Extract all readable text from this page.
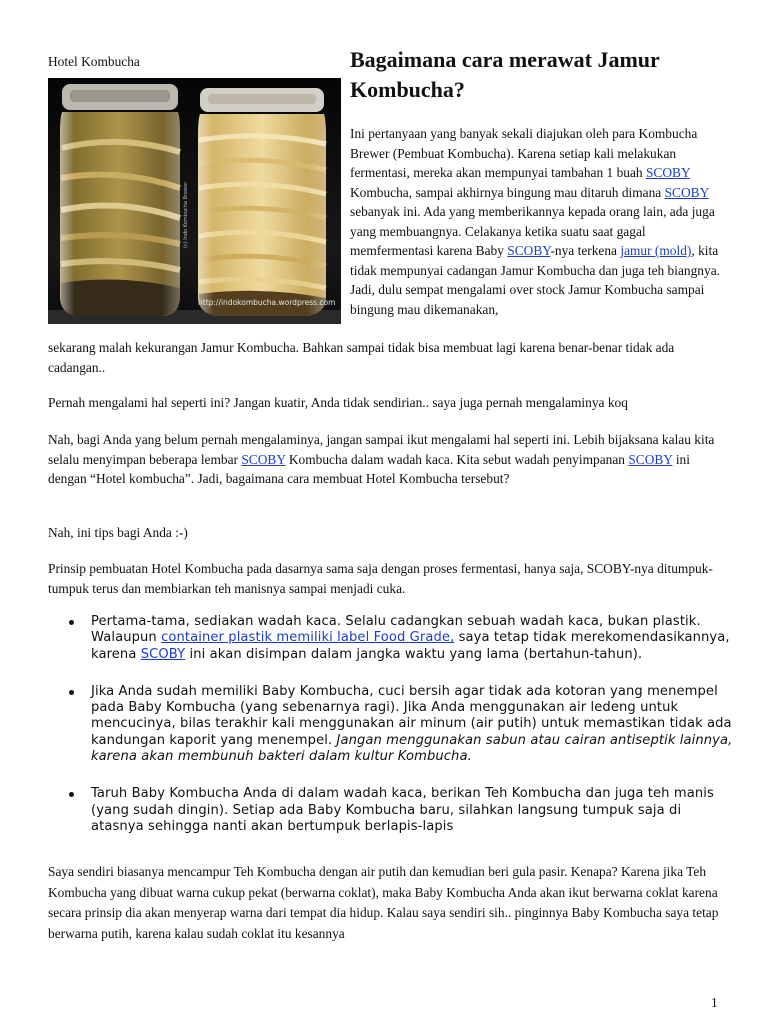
Hotel Kombucha	Bagaimana cara merawat Jamur Kombucha?
(c) Indo Kombucha Brewer
http://indokombucha.wordpress.com

Ini pertanyaan yang banyak sekali diajukan oleh para Kombucha Brewer (Pembuat Kombucha). Karena setiap kali melakukan fermentasi, mereka akan mempunyai tambahan 1 buah SCOBY Kombucha, sampai akhirnya bingung mau ditaruh dimana SCOBY sebanyak ini. Ada yang memberikannya kepada orang lain, ada juga yang membuangnya. Celakanya ketika suatu saat gagal memfermentasi karena Baby SCOBY-nya terkena jamur (mold), kita tidak mempunyai cadangan Jamur Kombucha dan juga teh biangnya. Jadi, dulu sempat mengalami over stock Jamur Kombucha sampai bingung mau dikemanakan,

sekarang malah kekurangan Jamur Kombucha. Bahkan sampai tidak bisa membuat lagi karena benar-benar tidak ada cadangan..

Pernah mengalami hal seperti ini? Jangan kuatir, Anda tidak sendirian.. saya juga pernah mengalaminya koq

Nah, bagi Anda yang belum pernah mengalaminya, jangan sampai ikut mengalami hal seperti ini. Lebih bijaksana kalau kita selalu menyimpan beberapa lembar SCOBY Kombucha dalam wadah kaca. Kita sebut wadah penyimpanan SCOBY ini dengan “Hotel kombucha”. Jadi, bagaimana cara membuat Hotel Kombucha tersebut?

Nah, ini tips bagi Anda :-)

Prinsip pembuatan Hotel Kombucha pada dasarnya sama saja dengan proses fermentasi, hanya saja, SCOBY-nya ditumpuk-tumpuk terus dan membiarkan teh manisnya sampai menjadi cuka.

Pertama-tama, sediakan wadah kaca. Selalu cadangkan sebuah wadah kaca, bukan plastik. Walaupun container plastik memiliki label Food Grade, saya tetap tidak merekomendasikannya, karena SCOBY ini akan disimpan dalam jangka waktu yang lama (bertahun-tahun).
Jika Anda sudah memiliki Baby Kombucha, cuci bersih agar tidak ada kotoran yang menempel pada Baby Kombucha (yang sebenarnya ragi). Jika Anda menggunakan air ledeng untuk mencucinya, bilas terakhir kali menggunakan air minum (air putih) untuk memastikan tidak ada kandungan kaporit yang menempel. Jangan menggunakan sabun atau cairan antiseptik lainnya, karena akan membunuh bakteri dalam kultur Kombucha.
Taruh Baby Kombucha Anda di dalam wadah kaca, berikan Teh Kombucha dan juga teh manis (yang sudah dingin). Setiap ada Baby Kombucha baru, silahkan langsung tumpuk saja di atasnya sehingga nanti akan bertumpuk berlapis-lapis

Saya sendiri biasanya mencampur Teh Kombucha dengan air putih dan kemudian beri gula pasir. Kenapa? Karena jika Teh Kombucha yang dibuat warna cukup pekat (berwarna coklat), maka Baby Kombucha Anda akan ikut berwarna coklat karena secara prinsip dia akan menyerap warna dari tempat dia hidup. Kalau saya sendiri sih.. pinginnya Baby Kombucha saya tetap berwarna putih, karena kalau sudah coklat itu kesannya

1
